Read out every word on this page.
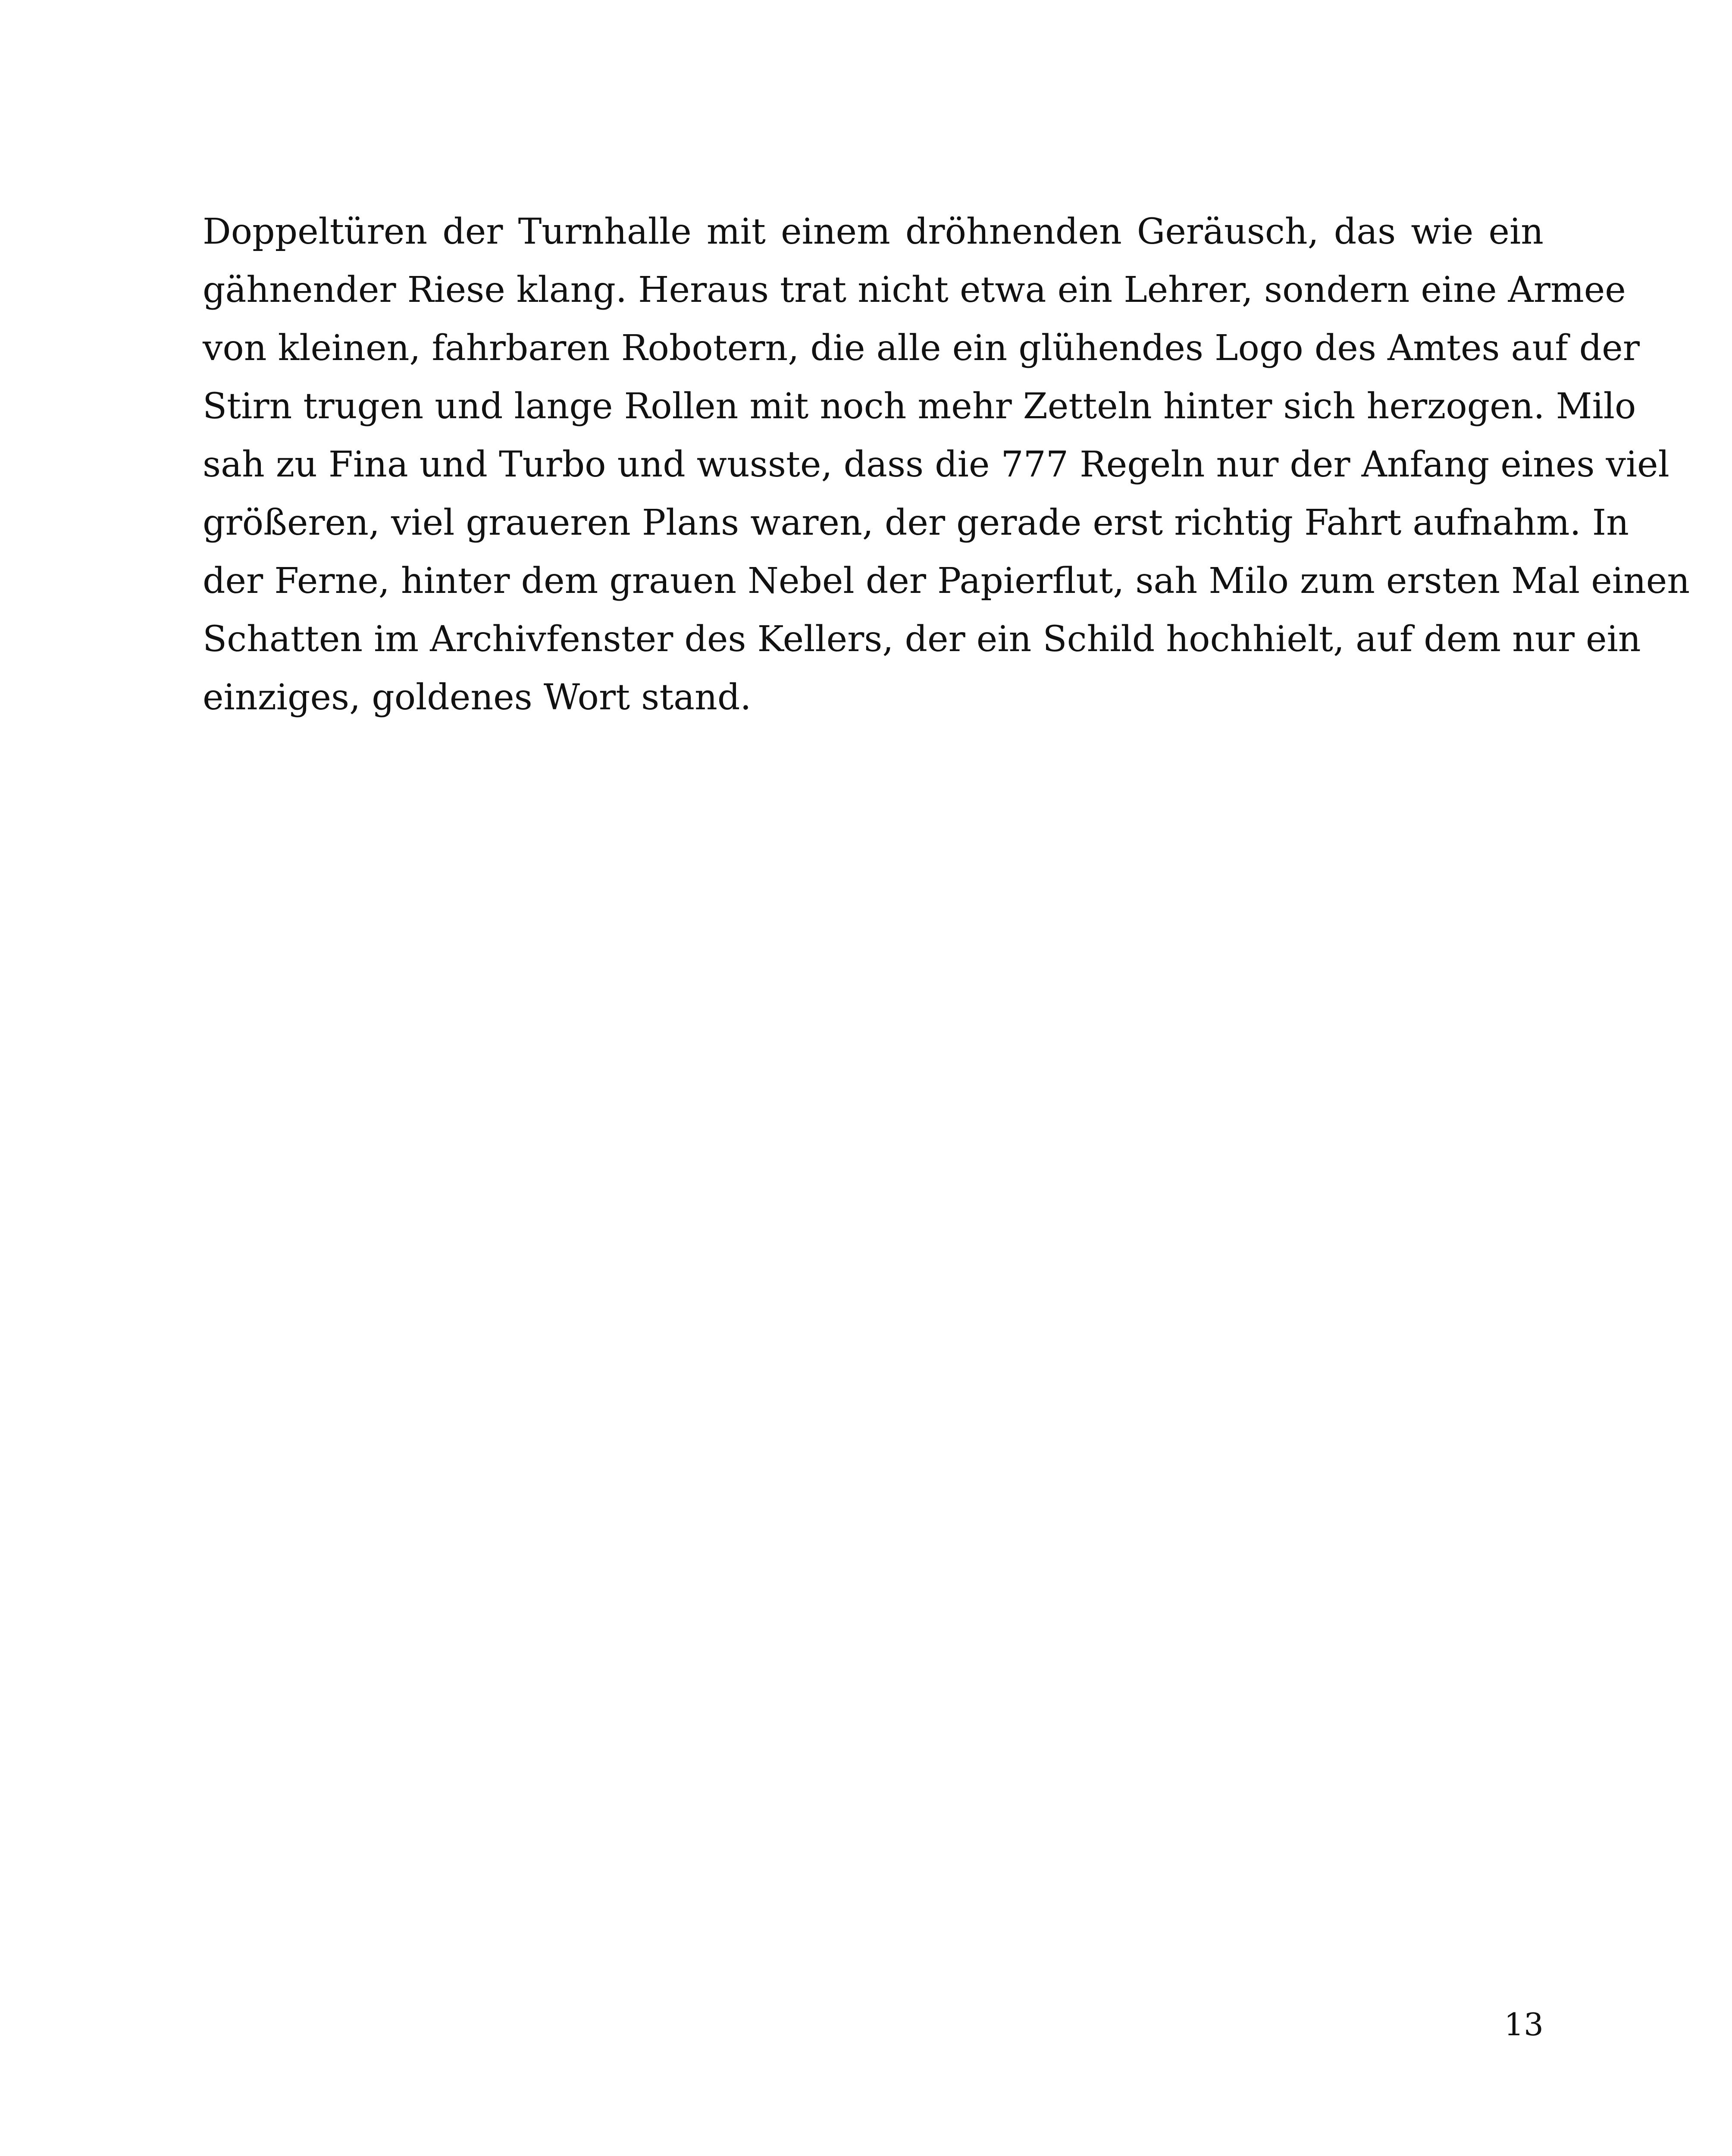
Doppeltüren der Turnhalle mit einem dröhnenden Geräusch, das wie ein
gähnender Riese klang. Heraus trat nicht etwa ein Lehrer, sondern eine Armee
von kleinen, fahrbaren Robotern, die alle ein glühendes Logo des Amtes auf der
Stirn trugen und lange Rollen mit noch mehr Zetteln hinter sich herzogen. Milo
sah zu Fina und Turbo und wusste, dass die 777 Regeln nur der Anfang eines viel
größeren, viel graueren Plans waren, der gerade erst richtig Fahrt aufnahm. In
der Ferne, hinter dem grauen Nebel der Papierflut, sah Milo zum ersten Mal einen
Schatten im Archivfenster des Kellers, der ein Schild hochhielt, auf dem nur ein
einziges, goldenes Wort stand.
13
